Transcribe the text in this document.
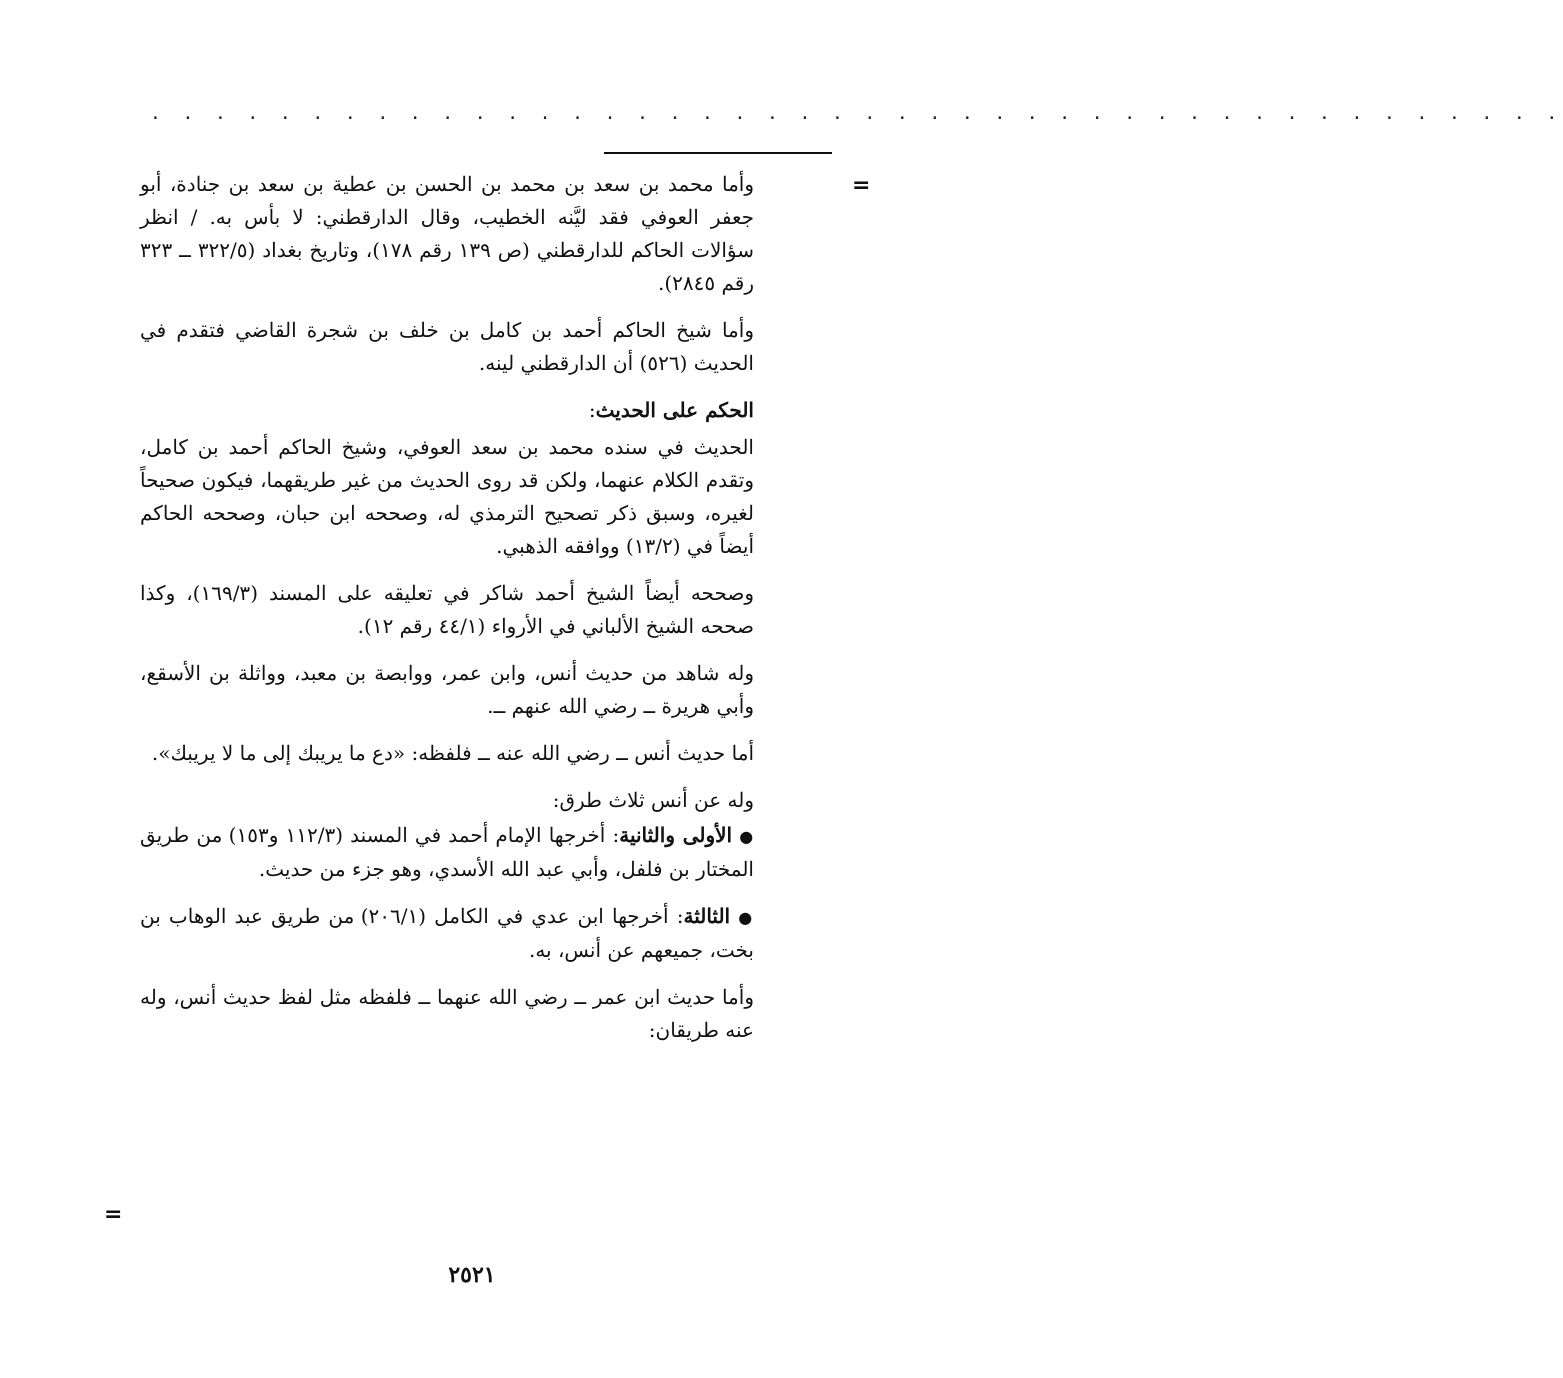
. . . . . . . . . . . . . . . . . . . . . . . . . . . . . . . . . . . . . . . . . . . .
=
=

وأما محمد بن سعد بن محمد بن الحسن بن عطية بن سعد بن جنادة، أبو جعفر العوفي فقد ليَّنه الخطيب، وقال الدارقطني: لا بأس به. / انظر سؤالات الحاكم للدارقطني (ص ١٣٩ رقم ١٧٨)، وتاريخ بغداد (٣٢٢/٥ ــ ٣٢٣ رقم ٢٨٤٥).

وأما شيخ الحاكم أحمد بن كامل بن خلف بن شجرة القاضي فتقدم في الحديث (٥٢٦) أن الدارقطني لينه.

الحكم على الحديث:

الحديث في سنده محمد بن سعد العوفي، وشيخ الحاكم أحمد بن كامل، وتقدم الكلام عنهما، ولكن قد روى الحديث من غير طريقهما، فيكون صحيحاً لغيره، وسبق ذكر تصحيح الترمذي له، وصححه ابن حبان، وصححه الحاكم أيضاً في (١٣/٢) ووافقه الذهبي.

وصححه أيضاً الشيخ أحمد شاكر في تعليقه على المسند (١٦٩/٣)، وكذا صححه الشيخ الألباني في الأرواء (٤٤/١ رقم ١٢).

وله شاهد من حديث أنس، وابن عمر، ووابصة بن معبد، وواثلة بن الأسقع، وأبي هريرة ــ رضي الله عنهم ــ.

أما حديث أنس ــ رضي الله عنه ــ فلفظه: «دع ما يريبك إلى ما لا يريبك».

وله عن أنس ثلاث طرق:

● الأولى والثانية: أخرجها الإمام أحمد في المسند (١١٢/٣ و١٥٣) من طريق المختار بن فلفل، وأبي عبد الله الأسدي، وهو جزء من حديث.

● الثالثة: أخرجها ابن عدي في الكامل (٢٠٦/١) من طريق عبد الوهاب بن بخت، جميعهم عن أنس، به.

وأما حديث ابن عمر ــ رضي الله عنهما ــ فلفظه مثل لفظ حديث أنس، وله عنه طريقان:

٢٥٢١
